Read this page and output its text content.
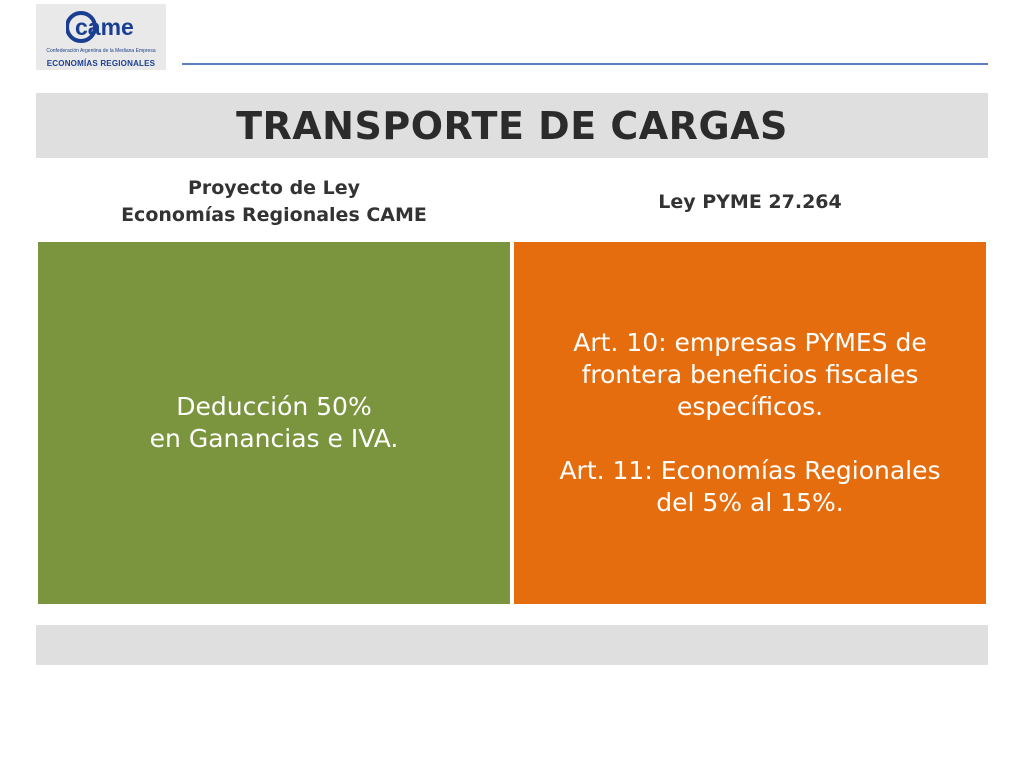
came
Confederación Argentina de la Mediana Empresa
ECONOMÍAS REGIONALES
TRANSPORTE DE CARGAS
Proyecto de Ley
Economías Regionales CAME
Ley PYME 27.264

Deducción 50%

en Ganancias e IVA.

Art. 10: empresas PYMES de

frontera beneficios fiscales

específicos.

Art. 11: Economías Regionales

del 5% al 15%.
